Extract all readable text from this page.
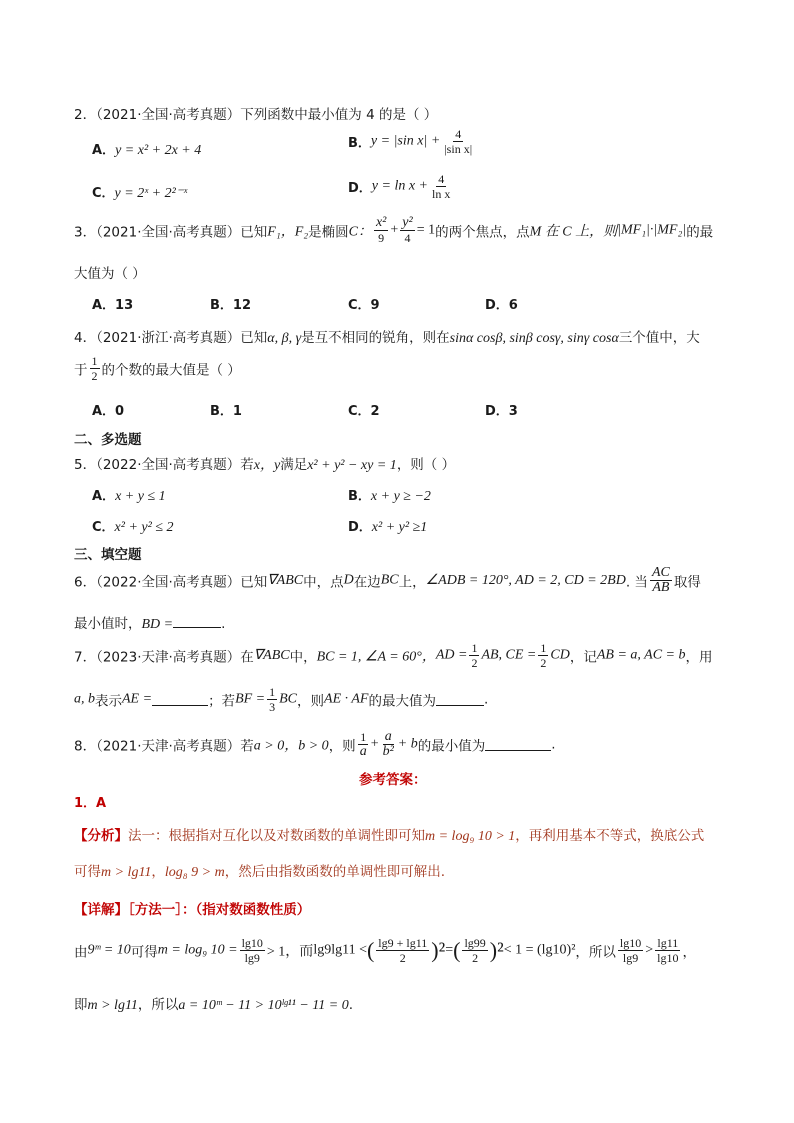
2．（2021·全国·高考真题）下列函数中最小值为 4 的是（ ）
A．y = x² + 2x + 4	B．y = |sin $x| + \frac{4}{\text{|sin x|}}$
C．y = 2ˣ + 2²⁻ˣ	D．$y = \ln x + \frac{4}{\text{ln x}}$
3．（2021·全国·高考真题）已知F₁，F₂是椭圆C： $\frac{\text{x²}}{9} + \frac{\text{y²}}{4} = 1$的两个焦点，点M 在 C 上，则|MF₁|·|MF₂|的最
大值为（ ）
A．13	B．12	C．9	D．6
4．（2021·浙江·高考真题）已知α, β, γ是互不相同的锐角，则在sinα cosβ, sinβ cosγ, sinγ cosα三个值中，大
于 $\frac{1}{2}$ 的个数的最大值是（ ）
A．0	B．1	C．2	D．3
二、多选题
5．（2022·全国·高考真题）若x，y满足x² + y² − xy = 1，则（ ）
A．x + y ≤ 1	B．x + y ≥ −2
C．x² + y² ≤ 2	D．x² + y² ≥1
三、填空题
6．（2022·全国·高考真题）已知∇ABC中，点D在边BC上，∠ADB = 120°, AD = 2, CD = 2BD. 当 $\frac{AC}{AB}$ 取得
最小值时，BD =	.
7．（2023·天津·高考真题）在∇ABC中，BC = 1, ∠A = 60°，AD = $\frac{1}{2}$ AB, CE = $\frac{1}{2}$ CD，记AB = a, AC = b，用
a, b表示AE =	；若BF = $\frac{1}{3}$ BC，则AE · AF的最大值为	.
8．（2021·天津·高考真题）若a > 0，b > 0，则 $\frac{1}{a} + \frac{a}{\text{b²}} + b$的最小值为	.
参考答案：
1．A
【分析】法一：根据指对互化以及对数函数的单调性即可知m = log₉ 10 > 1，再利用基本不等式，换底公式
可得m > lg11，log₈ 9 > m，然后由指数函数的单调性即可解出.
【详解】［方法一］：（指对数函数性质）
由9ᵐ = 10可得m = log₉ $10 = \frac{\lg 10}{\lg 9} > 1$，而lg9lg11 <( $\frac{\lg 9 + \lg 11}{2} )^2=( \frac{\lg 99}{2} )^2< 1 = (\lg 10)^2$，所以 $\frac{\lg 10}{\lg 9} > \frac{\lg 11}{\lg 10}$ ，
即m > lg11，所以a = 10ᵐ − 11 > 10ˡᵍ¹¹ − 11 = 0.
